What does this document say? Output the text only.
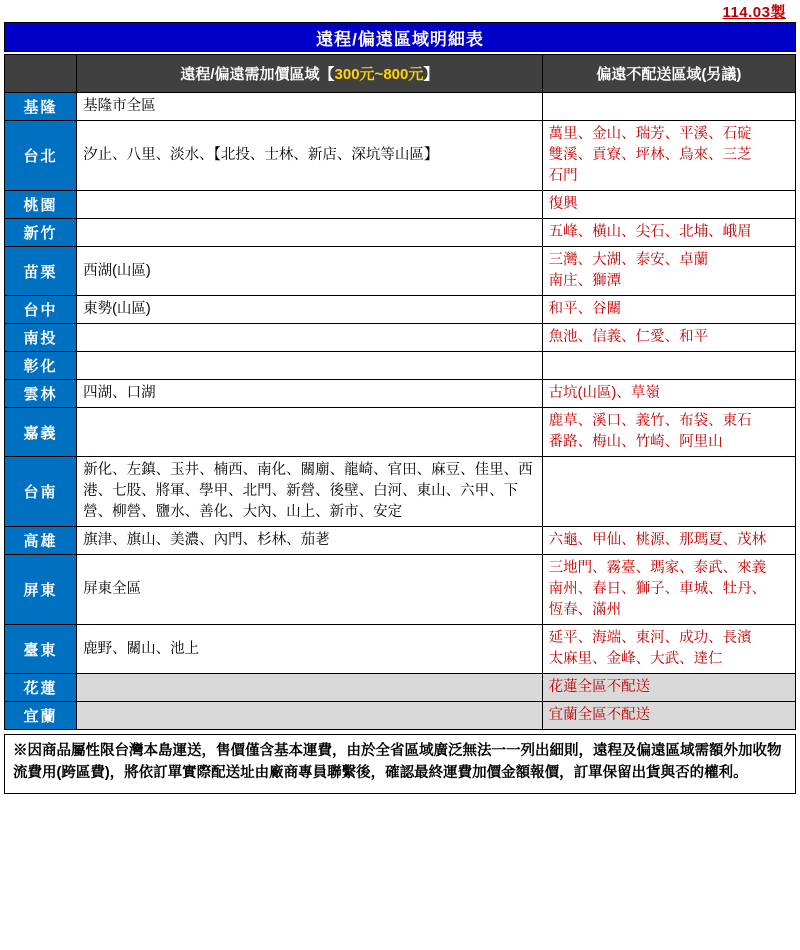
114.03製
遠程/偏遠區域明細表
	遠程/偏遠需加價區域【300元~800元】	偏遠不配送區域(另議)
基隆	基隆市全區	
台北	汐止、八里、淡水、【北投、士林、新店、深坑等山區】	萬里、金山、瑞芳、平溪、石碇
雙溪、貢寮、坪林、烏來、三芝
石門
桃園		復興
新竹		五峰、橫山、尖石、北埔、峨眉
苗栗	西湖(山區)	三灣、大湖、泰安、卓蘭
南庄、獅潭
台中	東勢(山區)	和平、谷關
南投		魚池、信義、仁愛、和平
彰化		
雲林	四湖、口湖	古坑(山區)、草嶺
嘉義		鹿草、溪口、義竹、布袋、東石
番路、梅山、竹崎、阿里山
台南	新化、左鎮、玉井、楠西、南化、關廟、龍崎、官田、麻豆、佳里、西港、七股、將軍、學甲、北門、新營、後壁、白河、東山、六甲、下營、柳營、鹽水、善化、大內、山上、新市、安定	
高雄	旗津、旗山、美濃、內門、杉林、茄荖	六龜、甲仙、桃源、那瑪夏、茂林
屏東	屏東全區	三地門、霧臺、瑪家、泰武、來義
南州、春日、獅子、車城、牡丹、
恆春、滿州
臺東	鹿野、關山、池上	延平、海端、東河、成功、長濱
太麻里、金峰、大武、達仁
花蓮		花蓮全區不配送
宜蘭		宜蘭全區不配送
※因商品屬性限台灣本島運送，售價僅含基本運費，由於全省區域廣泛無法一一列出細則，遠程及偏遠區域需額外加收物流費用(跨區費)，將依訂單實際配送址由廠商專員聯繫後，確認最終運費加價金額報價，訂單保留出貨與否的權利。
